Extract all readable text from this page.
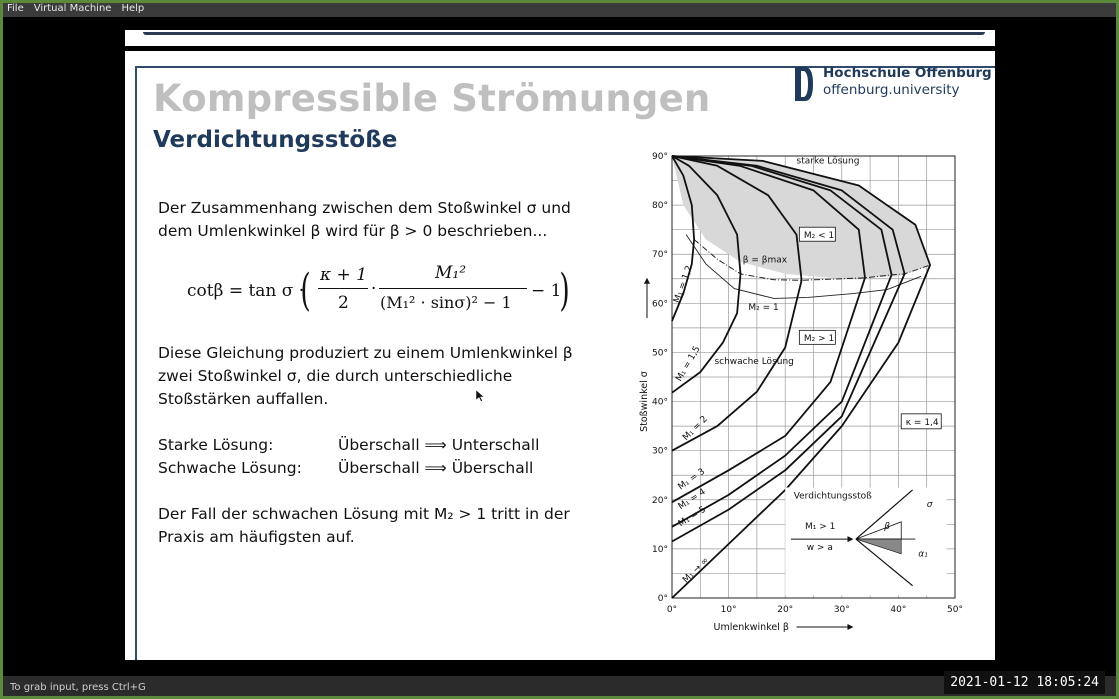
File	Virtual Machine	Help
Kompressible Strömungen
Verdichtungsstöße
Hochschule Offenburg
offenburg.university
Der Zusammenhang zwischen dem Stoßwinkel σ und
dem Umlenkwinkel β wird für β > 0 beschrieben...
cotβ = tan σ ·
( κ + 1
2
·
M₁²
(M₁² · sinσ)² − 1
− 1
)
Diese Gleichung produziert zu einem Umlenkwinkel β
zwei Stoßwinkel σ, die durch unterschiedliche
Stoßstärken auffallen.
Starke Lösung:	Überschall ⟹ Unterschall
Schwache Lösung: Überschall ⟹ Überschall
Der Fall der schwachen Lösung mit M₂ > 1 tritt in der
Praxis am häufigsten auf.
M₁ = 1,2
M₁ = 1,5
M₁ = 2
M₁ = 3
M₁ = 4
M₁ = 5
M₁ → ∞
0°	10°	20°	30°	40°	50°
0°
10°
20°
30°
40°
50°
60°
70°
80°
90°
Umlenkwinkel β
Stoßwinkel σ
starke Lösung
M₂ < 1
β = βmax
M₂ = 1
M₂ > 1
schwache Lösung
κ = 1,4
Verdichtungsstoß
M₁ > 1
w > a
σ
β
α₁
To grab input, press Ctrl+G	2021-01-12 18:05:24
